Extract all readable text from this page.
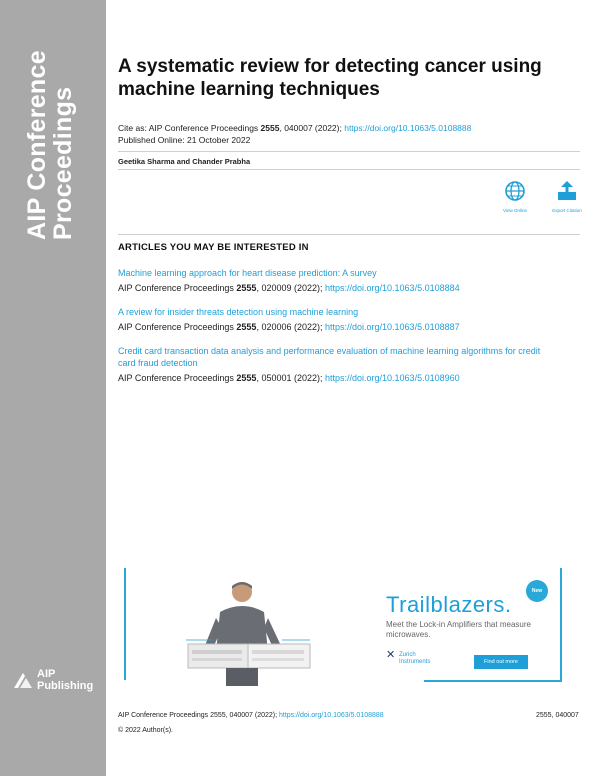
AIP Conference
Proceedings
AIP
Publishing
A systematic review for detecting cancer using machine learning techniques
Cite as: AIP Conference Proceedings 2555, 040007 (2022); https://doi.org/10.1063/5.0108888
Published Online: 21 October 2022
Geetika Sharma and Chander Prabha
View Online	Export Citation
ARTICLES YOU MAY BE INTERESTED IN
Machine learning approach for heart disease prediction: A survey
AIP Conference Proceedings 2555, 020009 (2022); https://doi.org/10.1063/5.0108884
A review for insider threats detection using machine learning
AIP Conference Proceedings 2555, 020006 (2022); https://doi.org/10.1063/5.0108887
Credit card transaction data analysis and performance evaluation of machine learning algorithms for credit card fraud detection
AIP Conference Proceedings 2555, 050001 (2022); https://doi.org/10.1063/5.0108960
New
Trailblazers.
Meet the Lock-in Amplifiers that measure microwaves.
✕ Zurich
Instruments	Find out more
AIP Conference Proceedings 2555, 040007 (2022); https://doi.org/10.1063/5.0108888	2555, 040007
© 2022 Author(s).
